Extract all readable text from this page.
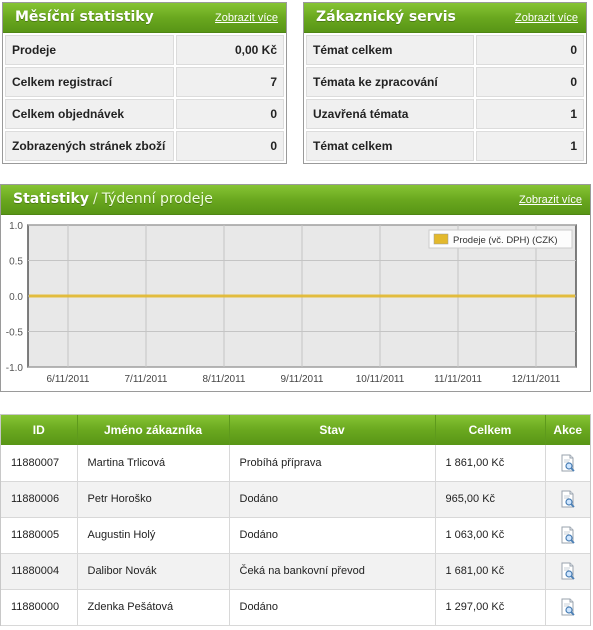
Měsíční statistiky	Zobrazit více
Prodeje	0,00 Kč
Celkem registrací	7
Celkem objednávek	0
Zobrazených stránek zboží	0
Zákaznický servis	Zobrazit více
Témat celkem	0
Témata ke zpracování	0
Uzavřená témata	1
Témat celkem	1
Statistiky / Týdenní prodeje	Zobrazit více
1.0
0.5
0.0
-0.5
-1.0
6/11/2011	7/11/2011	8/11/2011	9/11/2011	10/11/2011	11/11/2011	12/11/2011
Prodeje (vč. DPH) (CZK)
ID	Jméno zákazníka	Stav	Celkem	Akce
11880007	Martina Trlicová	Probíhá příprava	1 861,00 Kč	
11880006	Petr Horoško	Dodáno	965,00 Kč	
11880005	Augustin Holý	Dodáno	1 063,00 Kč	
11880004	Dalibor Novák	Čeká na bankovní převod	1 681,00 Kč	
11880000	Zdenka Pešátová	Dodáno	1 297,00 Kč	
